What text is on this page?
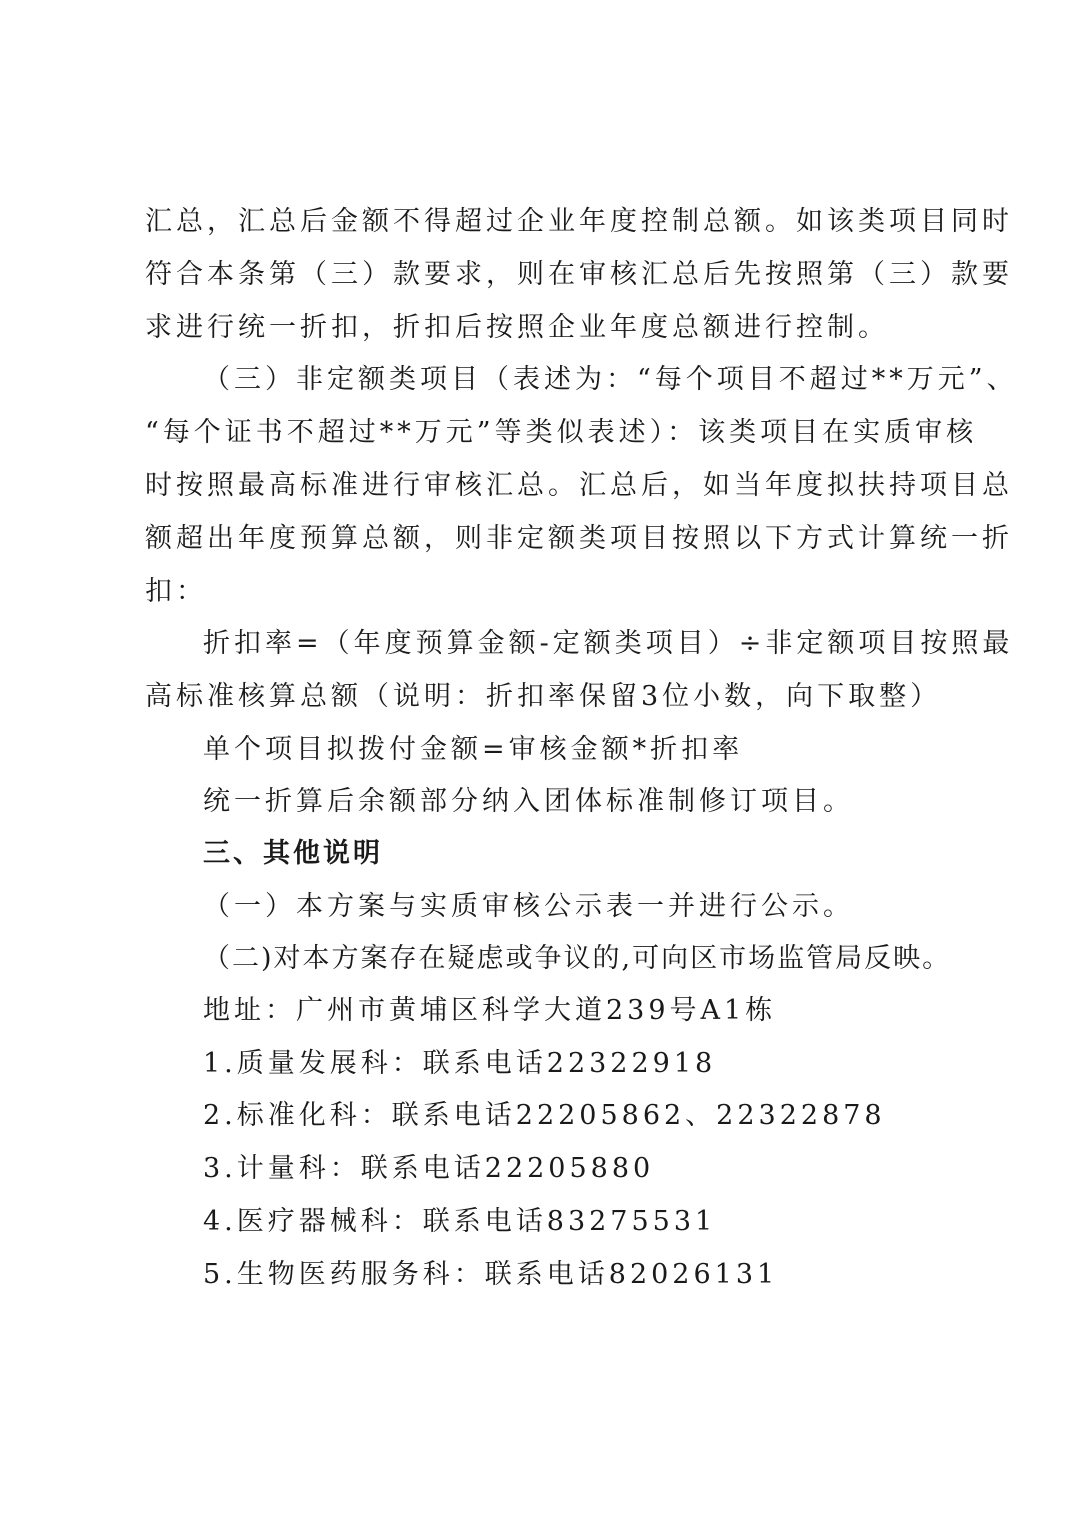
汇总，汇总后金额不得超过企业年度控制总额。如该类项目同时
符合本条第（三）款要求，则在审核汇总后先按照第（三）款要
求进行统一折扣，折扣后按照企业年度总额进行控制。
（三）非定额类项目（表述为：“每个项目不超过**万元”、
“每个证书不超过**万元”等类似表述）：该类项目在实质审核
时按照最高标准进行审核汇总。汇总后，如当年度拟扶持项目总
额超出年度预算总额，则非定额类项目按照以下方式计算统一折
扣：
折扣率=（年度预算金额-定额类项目）÷非定额项目按照最
高标准核算总额（说明：折扣率保留3位小数，向下取整）
单个项目拟拨付金额=审核金额*折扣率
统一折算后余额部分纳入团体标准制修订项目。
三、其他说明
（一）本方案与实质审核公示表一并进行公示。
（二)对本方案存在疑虑或争议的,可向区市场监管局反映。
地址：广州市黄埔区科学大道239号A1栋
1.质量发展科：联系电话22322918
2.标准化科：联系电话22205862、22322878
3.计量科：联系电话22205880
4.医疗器械科：联系电话83275531
5.生物医药服务科：联系电话82026131
